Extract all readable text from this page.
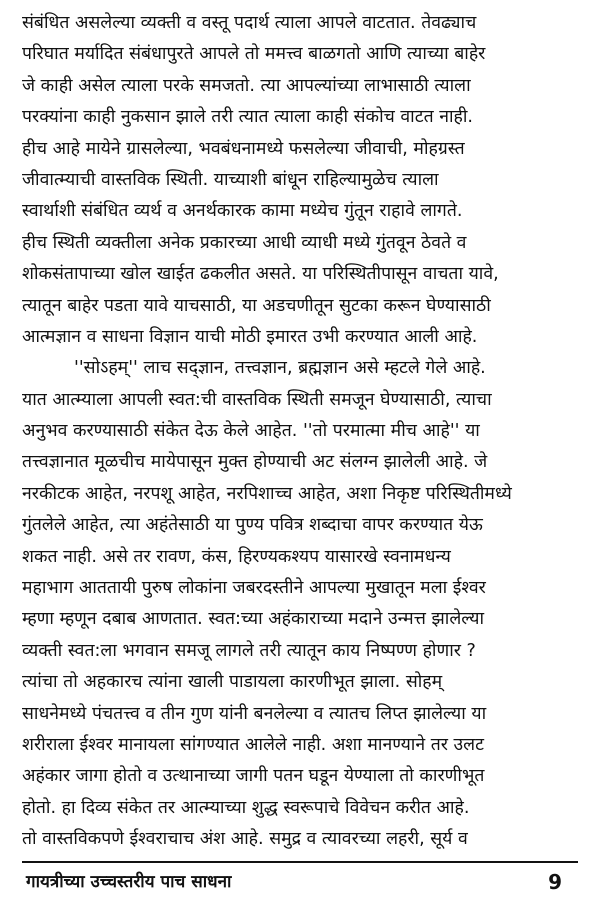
संबंधित असलेल्या व्यक्ती व वस्तू पदार्थ त्याला आपले वाटतात. तेवढ्याच
परिघात मर्यादित संबंधापुरते आपले तो ममत्त्व बाळगतो आणि त्याच्या बाहेर
जे काही असेल त्याला परके समजतो. त्या आपल्यांच्या लाभासाठी त्याला
परक्यांना काही नुकसान झाले तरी त्यात त्याला काही संकोच वाटत नाही.
हीच आहे मायेने ग्रासलेल्या, भवबंधनामध्ये फसलेल्या जीवाची, मोहग्रस्त
जीवात्म्याची वास्तविक स्थिती. याच्याशी बांधून राहिल्यामुळेच त्याला
स्वार्थाशी संबंधित व्यर्थ व अनर्थकारक कामा मध्येच गुंतून राहावे लागते.
हीच स्थिती व्यक्तीला अनेक प्रकारच्या आधी व्याधी मध्ये गुंतवून ठेवते व
शोकसंतापाच्या खोल खाईत ढकलीत असते. या परिस्थितीपासून वाचता यावे,
त्यातून बाहेर पडता यावे याचसाठी, या अडचणीतून सुटका करून घेण्यासाठी
आत्मज्ञान व साधना विज्ञान याची मोठी इमारत उभी करण्यात आली आहे.
''सोऽहम्'' लाच सद्ज्ञान, तत्त्वज्ञान, ब्रह्मज्ञान असे म्हटले गेले आहे.
यात आत्म्याला आपली स्वत:ची वास्तविक स्थिती समजून घेण्यासाठी, त्याचा
अनुभव करण्यासाठी संकेत देऊ केले आहेत. ''तो परमात्मा मीच आहे'' या
तत्त्वज्ञानात मूळचीच मायेपासून मुक्त होण्याची अट संलग्न झालेली आहे. जे
नरकीटक आहेत, नरपशू आहेत, नरपिशाच्च आहेत, अशा निकृष्ट परिस्थितीमध्ये
गुंतलेले आहेत, त्या अहंतेसाठी या पुण्य पवित्र शब्दाचा वापर करण्यात येऊ
शकत नाही. असे तर रावण, कंस, हिरण्यकश्यप यासारखे स्वनामधन्य
महाभाग आततायी पुरुष लोकांना जबरदस्तीने आपल्या मुखातून मला ईश्वर
म्हणा म्हणून दबाब आणतात. स्वत:च्या अहंकाराच्या मदाने उन्मत्त झालेल्या
व्यक्ती स्वत:ला भगवान समजू लागले तरी त्यातून काय निष्पण्ण होणार ?
त्यांचा तो अहकारच त्यांना खाली पाडायला कारणीभूत झाला. सोहम्
साधनेमध्ये पंचतत्त्व व तीन गुण यांनी बनलेल्या व त्यातच लिप्त झालेल्या या
शरीराला ईश्वर मानायला सांगण्यात आलेले नाही. अशा मानण्याने तर उलट
अहंकार जागा होतो व उत्थानाच्या जागी पतन घडून येण्याला तो कारणीभूत
होतो. हा दिव्य संकेत तर आत्म्याच्या शुद्ध स्वरूपाचे विवेचन करीत आहे.
तो वास्तविकपणे ईश्वराचाच अंश आहे. समुद्र व त्यावरच्या लहरी, सूर्य व
गायत्रीच्या उच्चस्तरीय पाच साधना	9
